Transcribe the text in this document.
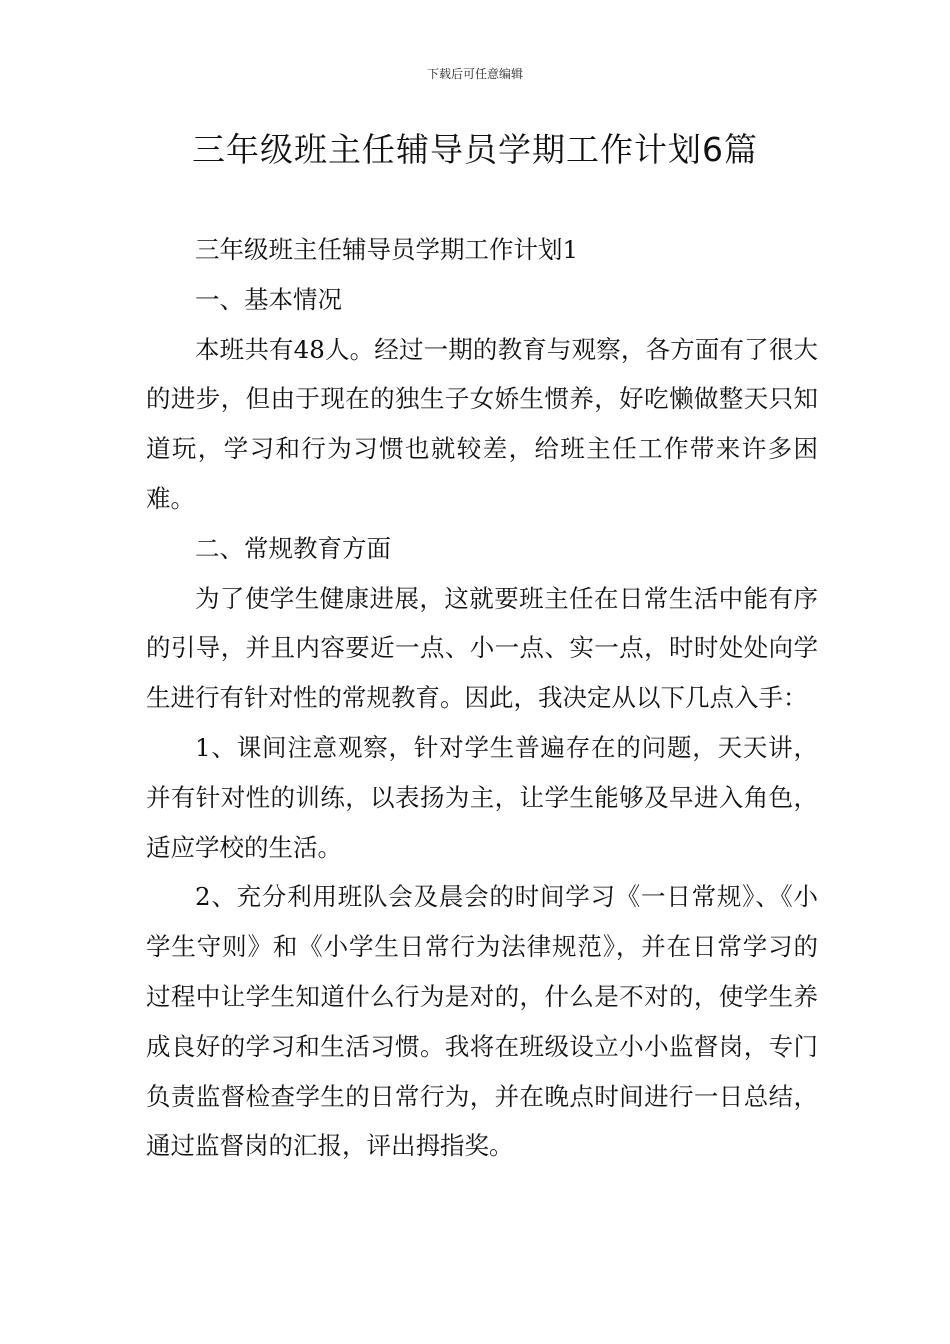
下载后可任意编辑
三年级班主任辅导员学期工作计划6篇

三年级班主任辅导员学期工作计划1

一、基本情况

本班共有48人。经过一期的教育与观察，各方面有了很大的进步，但由于现在的独生子女娇生惯养，好吃懒做整天只知道玩，学习和行为习惯也就较差，给班主任工作带来许多困难。

二、常规教育方面

为了使学生健康进展，这就要班主任在日常生活中能有序的引导，并且内容要近一点、小一点、实一点，时时处处向学生进行有针对性的常规教育。因此，我决定从以下几点入手：

1、课间注意观察，针对学生普遍存在的问题，天天讲，并有针对性的训练，以表扬为主，让学生能够及早进入角色，适应学校的生活。

2、充分利用班队会及晨会的时间学习《一日常规》、《小学生守则》和《小学生日常行为法律规范》，并在日常学习的过程中让学生知道什么行为是对的，什么是不对的，使学生养成良好的学习和生活习惯。我将在班级设立小小监督岗，专门负责监督检查学生的日常行为，并在晚点时间进行一日总结，通过监督岗的汇报，评出拇指奖。
